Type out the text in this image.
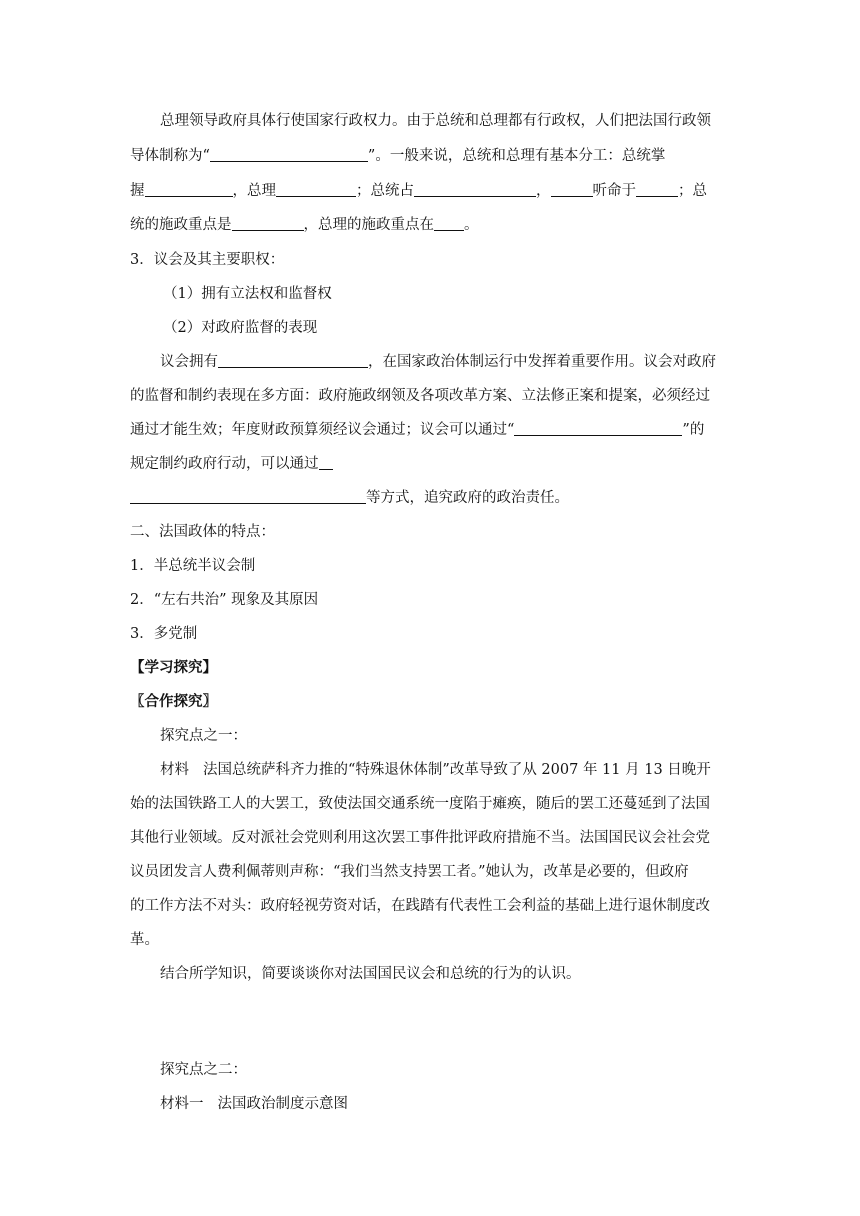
总理领导政府具体行使国家行政权力。由于总统和总理都有行政权，人们把法国行政领
导体制称为“	”。一般来说，总统和总理有基本分工：总统掌
握	，总理	；总统占	，	听命于	；总
统的施政重点是	，总理的施政重点在 。
3．议会及其主要职权：
（1）拥有立法权和监督权
（2）对政府监督的表现
议会拥有	，在国家政治体制运行中发挥着重要作用。议会对政府
的监督和制约表现在多方面：政府施政纲领及各项改革方案、立法修正案和提案，必须经过
通过才能生效；年度财政预算须经议会通过；议会可以通过“	”的
规定制约政府行动，可以通过
等方式，追究政府的政治责任。
二、法国政体的特点：
1．半总统半议会制
2．“左右共治” 现象及其原因
3．多党制
【学习探究】
〖合作探究〗
探究点之一：
材料 法国总统萨科齐力推的“特殊退休体制”改革导致了从 2007 年 11 月 13 日晚开
始的法国铁路工人的大罢工，致使法国交通系统一度陷于瘫痪，随后的罢工还蔓延到了法国
其他行业领域。反对派社会党则利用这次罢工事件批评政府措施不当。法国国民议会社会党
议员团发言人费利佩蒂则声称：“我们当然支持罢工者。”她认为，改革是必要的，但政府
的工作方法不对头：政府轻视劳资对话，在践踏有代表性工会利益的基础上进行退休制度改
革。
结合所学知识，简要谈谈你对法国国民议会和总统的行为的认识。
探究点之二：
材料一 法国政治制度示意图
